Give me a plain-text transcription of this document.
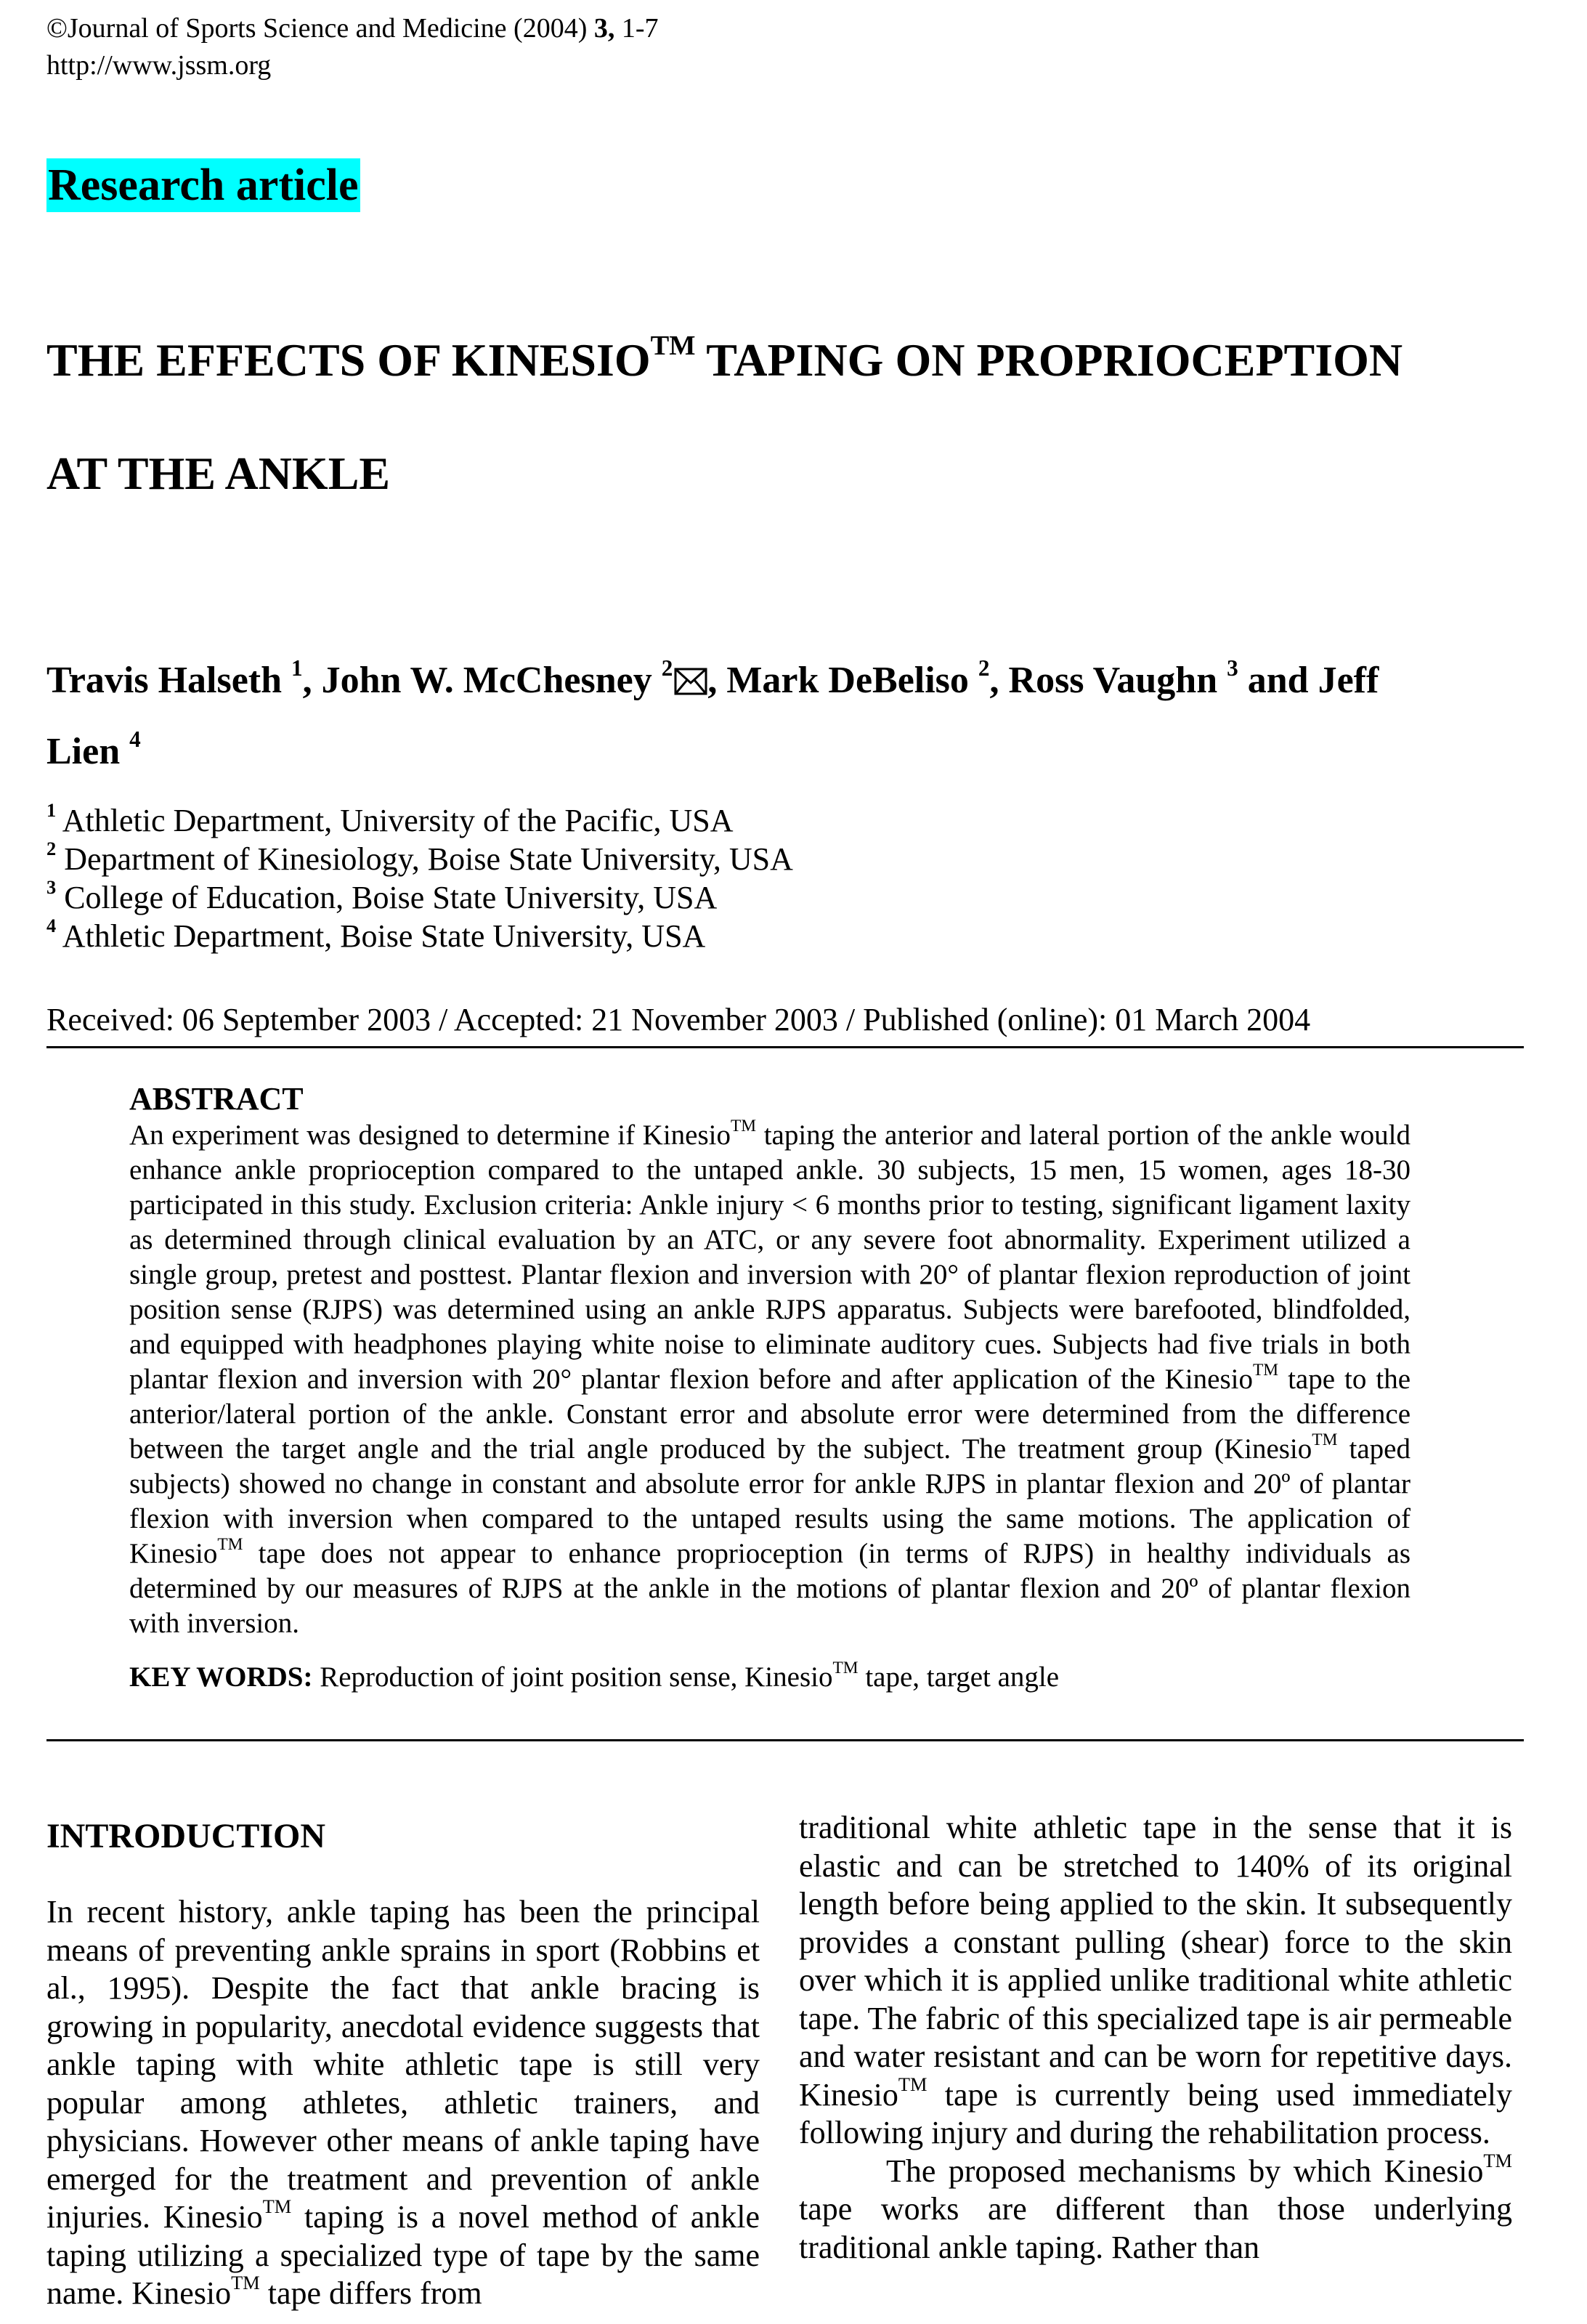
©Journal of Sports Science and Medicine (2004) 3, 1-7
http://www.jssm.org
Research article
THE EFFECTS OF KINESIO™ TAPING ON PROPRIOCEPTION
AT THE ANKLE
Travis Halseth $^1$, John W. McChesney $^2$ , Mark DeBeliso $^2$, Ross Vaughn $^3$ and Jeff
Lien $^4$
$^1$ Athletic Department, University of the Pacific, USA
$^2$ Department of Kinesiology, Boise State University, USA
$^3$ College of Education, Boise State University, USA
$^4$ Athletic Department, Boise State University, USA
Received: 06 September 2003 / Accepted: 21 November 2003 / Published (online): 01 March 2004
ABSTRACT
An experiment was designed to determine if Kinesio™ taping the anterior and lateral portion of the ankle would enhance ankle proprioception compared to the untaped ankle. 30 subjects, 15 men, 15 women, ages 18-30 participated in this study. Exclusion criteria: Ankle injury < 6 months prior to testing, significant ligament laxity as determined through clinical evaluation by an ATC, or any severe foot abnormality. Experiment utilized a single group, pretest and posttest. Plantar flexion and inversion with 20° of plantar flexion reproduction of joint position sense (RJPS) was determined using an ankle RJPS apparatus. Subjects were barefooted, blindfolded, and equipped with headphones playing white noise to eliminate auditory cues. Subjects had five trials in both plantar flexion and inversion with 20° plantar flexion before and after application of the Kinesio™ tape to the anterior/lateral portion of the ankle. Constant error and absolute error were determined from the difference between the target angle and the trial angle produced by the subject. The treatment group (Kinesio™ taped subjects) showed no change in constant and absolute error for ankle RJPS in plantar flexion and 20º of plantar flexion with inversion when compared to the untaped results using the same motions. The application of Kinesio™ tape does not appear to enhance proprioception (in terms of RJPS) in healthy individuals as determined by our measures of RJPS at the ankle in the motions of plantar flexion and 20º of plantar flexion with inversion.
KEY WORDS: Reproduction of joint position sense, Kinesio™ tape, target angle
INTRODUCTION

In recent history, ankle taping has been the principal means of preventing ankle sprains in sport (Robbins et al., 1995). Despite the fact that ankle bracing is growing in popularity, anecdotal evidence suggests that ankle taping with white athletic tape is still very popular among athletes, athletic trainers, and physicians. However other means of ankle taping have emerged for the treatment and prevention of ankle injuries. Kinesio™ taping is a novel method of ankle taping utilizing a specialized type of tape by the same name. Kinesio™ tape differs from

traditional white athletic tape in the sense that it is elastic and can be stretched to 140% of its original length before being applied to the skin. It subsequently provides a constant pulling (shear) force to the skin over which it is applied unlike traditional white athletic tape. The fabric of this specialized tape is air permeable and water resistant and can be worn for repetitive days. Kinesio™ tape is currently being used immediately following injury and during the rehabilitation process.

The proposed mechanisms by which Kinesio™ tape works are different than those underlying traditional ankle taping. Rather than
